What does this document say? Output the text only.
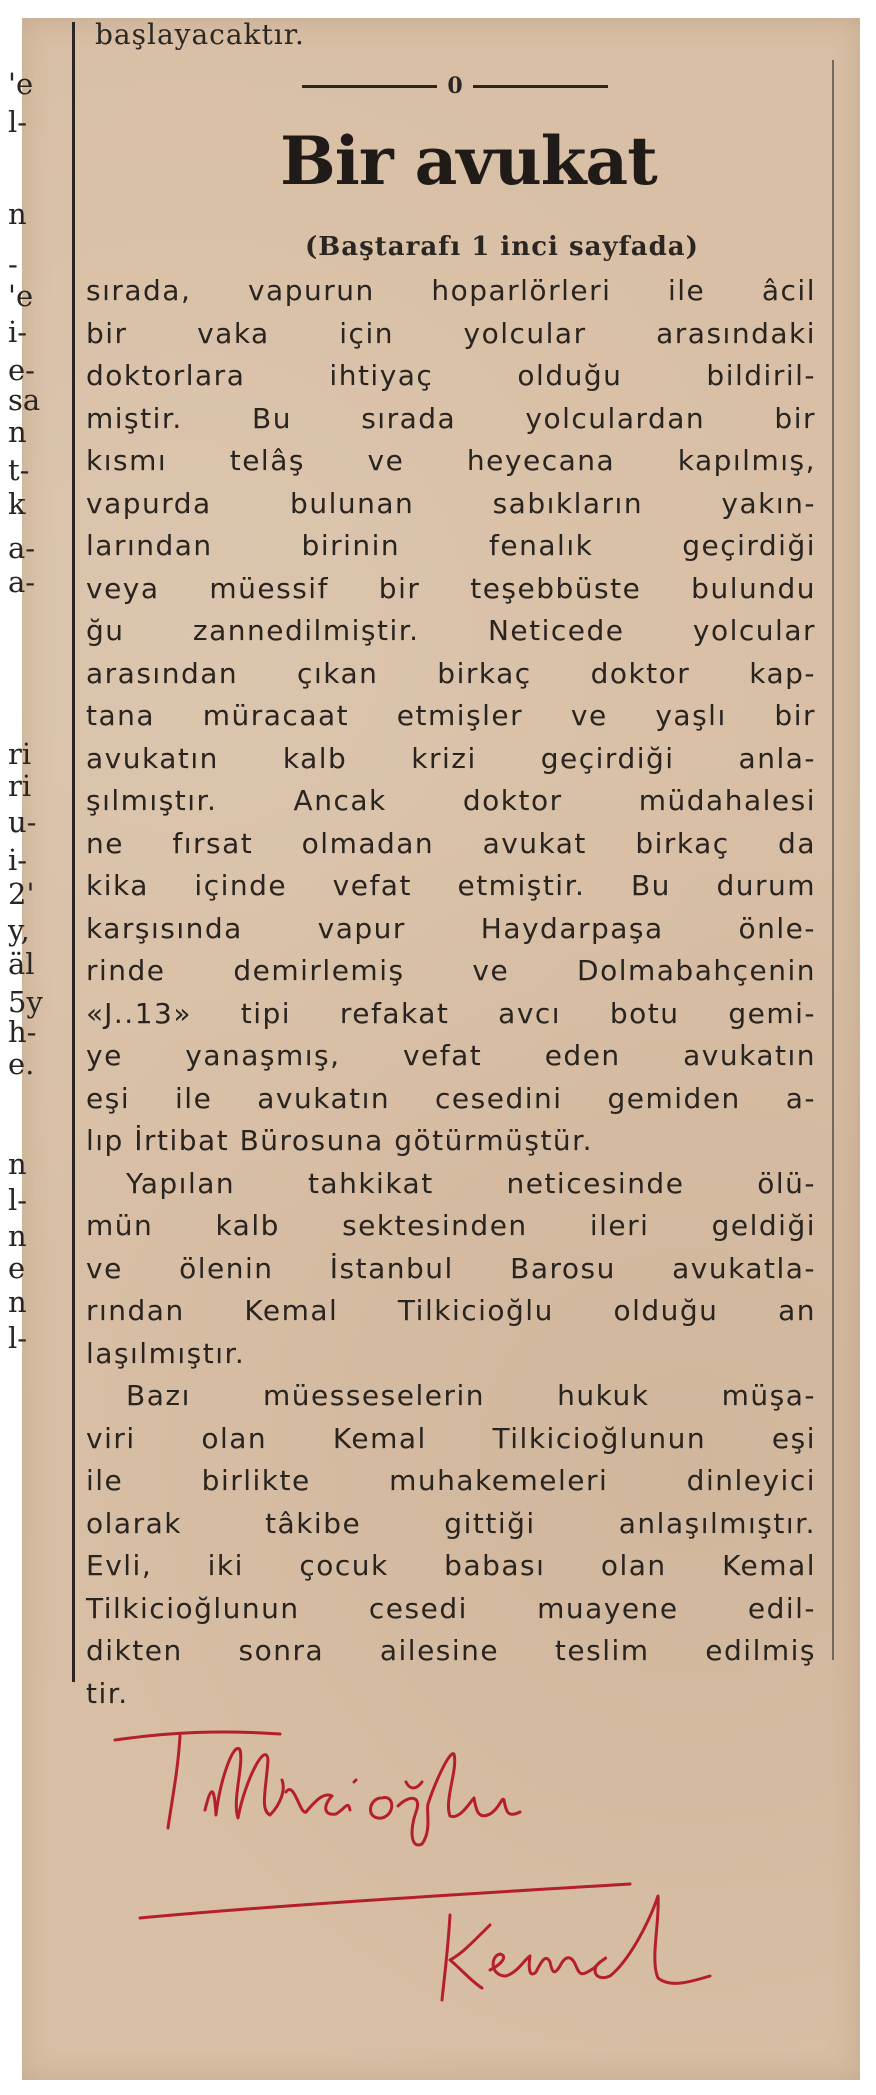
'e
l-
n
-
'e
i-
e-
sa
n
t-
k
a-
a-
ri
ri
u-
i-
2'
y,
äl
5y
h-
e.
n
l-
n
e
n
l-
başlayacaktır.
0
Bir avukat
(Baştarafı 1 inci sayfada)
sırada, vapurun hoparlörleri ile âcil
bir vaka için yolcular arasındaki
doktorlara ihtiyaç olduğu bildiril-
miştir. Bu sırada yolculardan bir
kısmı telâş ve heyecana kapılmış,
vapurda bulunan sabıkların yakın-
larından birinin fenalık geçirdiği
veya müessif bir teşebbüste bulundu
ğu zannedilmiştir. Neticede yolcular
arasından çıkan birkaç doktor kap-
tana müracaat etmişler ve yaşlı bir
avukatın kalb krizi geçirdiği anla-
şılmıştır. Ancak doktor müdahalesi
ne fırsat olmadan avukat birkaç da
kika içinde vefat etmiştir. Bu durum
karşısında vapur Haydarpaşa önle-
rinde demirlemiş ve Dolmabahçenin
«J..13» tipi refakat avcı botu gemi-
ye yanaşmış, vefat eden avukatın
eşi ile avukatın cesedini gemiden a-
lıp İrtibat Bürosuna götürmüştür.
Yapılan tahkikat neticesinde ölü-
mün kalb sektesinden ileri geldiği
ve ölenin İstanbul Barosu avukatla-
rından Kemal Tilkicioğlu olduğu an
laşılmıştır.
Bazı müesseselerin hukuk müşa-
viri olan Kemal Tilkicioğlunun eşi
ile birlikte muhakemeleri dinleyici
olarak tâkibe gittiği anlaşılmıştır.
Evli, iki çocuk babası olan Kemal
Tilkicioğlunun cesedi muayene edil-
dikten sonra ailesine teslim edilmiş
tir.
